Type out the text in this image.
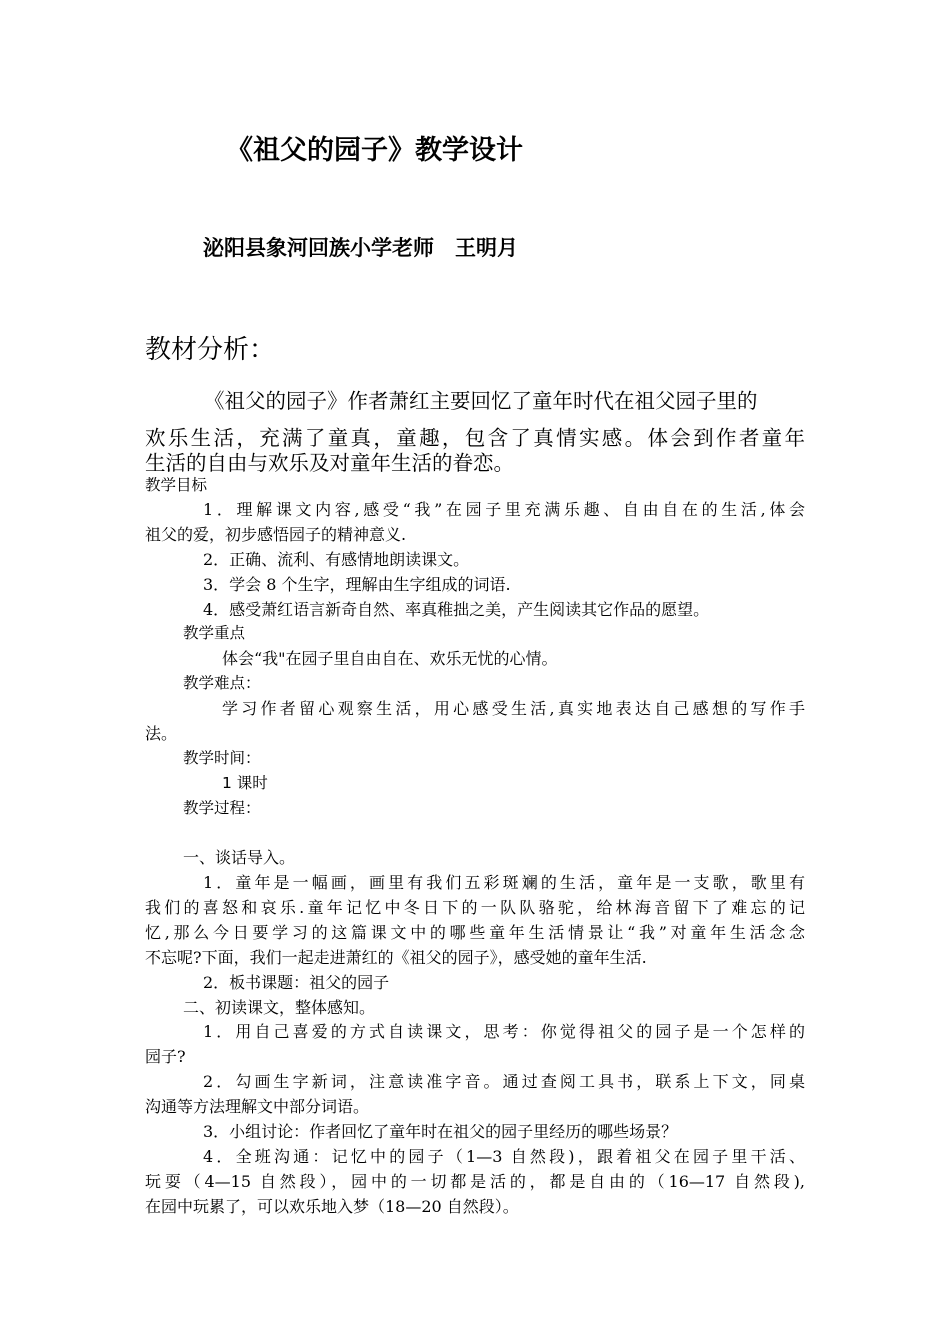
《祖父的园子》教学设计
泌阳县象河回族小学老师　王明月
教材分析：
《祖父的园子》作者萧红主要回忆了童年时代在祖父园子里的
欢乐生活，充满了童真，童趣，包含了真情实感。体会到作者童年
生活的自由与欢乐及对童年生活的眷恋。
教学目标
1．理解课文内容,感受“我”在园子里充满乐趣、自由自在的生活,体会
祖父的爱，初步感悟园子的精神意义.
2．正确、流利、有感情地朗读课文。
3．学会 8 个生字，理解由生字组成的词语.
4．感受萧红语言新奇自然、率真稚拙之美，产生阅读其它作品的愿望。
教学重点
体会“我"在园子里自由自在、欢乐无忧的心情。
教学难点：
学习作者留心观察生活，用心感受生活,真实地表达自己感想的写作手
法。
教学时间：
1 课时
教学过程：
一、谈话导入。
1．童年是一幅画，画里有我们五彩斑斓的生活，童年是一支歌，歌里有
我们的喜怒和哀乐.童年记忆中冬日下的一队队骆驼，给林海音留下了难忘的记
忆,那么今日要学习的这篇课文中的哪些童年生活情景让“我”对童年生活念念
不忘呢?下面，我们一起走进萧红的《祖父的园子》，感受她的童年生活.
2．板书课题：祖父的园子
二、初读课文，整体感知。
1．用自己喜爱的方式自读课文，思考：你觉得祖父的园子是一个怎样的
园子?
2．勾画生字新词，注意读准字音。通过查阅工具书，联系上下文，同桌
沟通等方法理解文中部分词语。
3．小组讨论：作者回忆了童年时在祖父的园子里经历的哪些场景？
4．全班沟通：记忆中的园子（1—3 自然段)，跟着祖父在园子里干活、
玩耍（4—15 自然段），园中的一切都是活的，都是自由的（16—17 自然段),
在园中玩累了，可以欢乐地入梦（18—20 自然段）。
